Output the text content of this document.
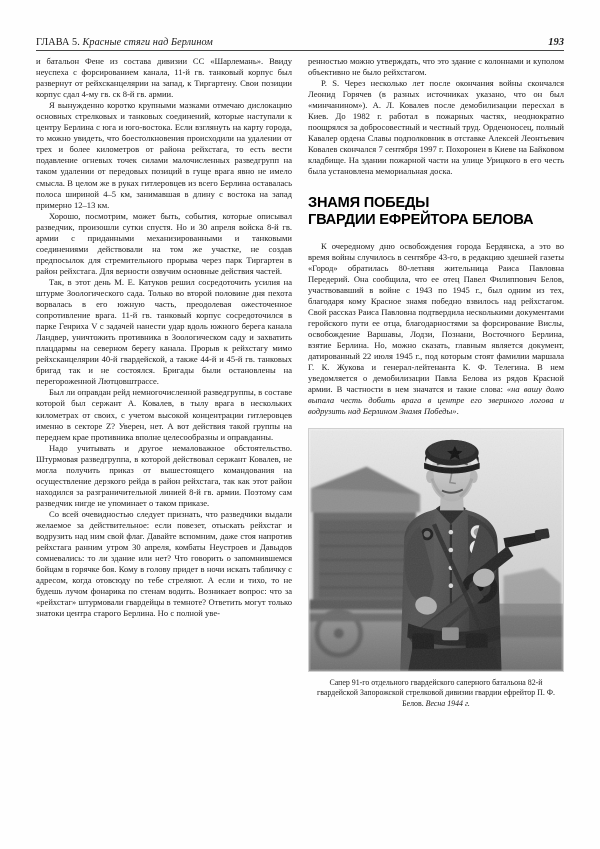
ГЛАВА 5. Красные стяги над Берлином	193

и батальон Фене из состава дивизии СС «Шарлемань». Ввиду неуспеха с форсированием канала, 11-й гв. танковый корпус был развернут от рейхсканцелярии на запад, к Тиргартену. Свои позиции корпус сдал 4-му гв. ск 8-й гв. армии.

Я вынужденно коротко крупными мазками отмечаю дислокацию основных стрелковых и танковых соединений, которые наступали к центру Берлина с юга и юго-востока. Если взглянуть на карту города, то можно увидеть, что боестолкновения происходили на удалении от трех и более километров от района рейхстага, то есть вести подавление огневых точек силами малочисленных разведгрупп на таком удалении от передовых позиций в гуще врага явно не имело смысла. В целом же в руках гитлеровцев из всего Берлина оставалась полоса шириной 4–5 км, занимавшая в длину с востока на запад примерно 12–13 км.

Хорошо, посмотрим, может быть, события, которые описывал разведчик, произошли сутки спустя. Но и 30 апреля войска 8-й гв. армии с приданными механизированными и танковыми соединениями действовали на том же участке, не создав предпосылок для стремительного прорыва через парк Тиргартен в район рейхстага. Для верности озвучим основные действия частей.

Так, в этот день М. Е. Катуков решил сосредоточить усилия на штурме Зоологического сада. Только во второй половине дня пехота ворвалась в его южную часть, преодолевая ожесточенное сопротивление врага. 11-й гв. танковый корпус сосредоточился в парке Генриха V с задачей нанести удар вдоль южного берега канала Ландвер, уничтожить противника в Зоологическом саду и захватить плацдармы на северном берегу канала. Прорыв к рейхстагу мимо рейхсканцелярии 40-й гвардейской, а также 44-й и 45-й гв. танковых бригад так и не состоялся. Бригады были остановлены на перегороженной Лютцовштрассе.

Был ли оправдан рейд немногочисленной разведгруппы, в составе которой был сержант А. Ковалев, в тылу врага в нескольких километрах от своих, с учетом высокой концентрации гитлеровцев именно в секторе Z? Уверен, нет. А вот действия такой группы на переднем крае противника вполне целесообразны и оправданны.

Надо учитывать и другое немаловажное обстоятельство. Штурмовая разведгруппа, в которой действовал сержант Ковалев, не могла получить приказ от вышестоящего командования на осуществление дерзкого рейда в район рейхстага, так как этот район находился за разграничительной линией 8-й гв. армии. Поэтому сам разведчик нигде не упоминает о таком приказе.

Со всей очевидностью следует признать, что разведчики выдали желаемое за действительное: если повезет, отыскать рейхстаг и водрузить над ним свой флаг. Давайте вспомним, даже стоя напротив рейхстага ранним утром 30 апреля, комбаты Неустроев и Давыдов сомневались: то ли здание или нет? Что говорить о запомнившемся бойцам в горячке боя. Кому в голову придет в ночи искать табличку с адресом, когда отовсюду по тебе стреляют. А если и тихо, то не будешь лучом фонарика по стенам водить. Возникает вопрос: что за «рейхстаг» штурмовали гвардейцы в темноте? Ответить могут только знатоки центра старого Берлина. Но с полной уве-

ренностью можно утверждать, что это здание с колоннами и куполом объективно не было рейхстагом.

P. S. Через несколько лет после окончания войны скончался Леонид Горячев (в разных источниках указано, что он был «минчанином»). А. Л. Ковалев после демобилизации пересхал в Киев. До 1982 г. работал в пожарных частях, неоднократно поощрялся за добросовестный и честный труд. Орденоносец, полный Кавалер ордена Славы подполковник в отставке Алексей Леонтьевич Ковалев скончался 7 сентября 1997 г. Похоронен в Киеве на Байковом кладбище. На здании пожарной части на улице Урицкого в его честь была установлена мемориальная доска.

ЗНАМЯ ПОБЕДЫ
ГВАРДИИ ЕФРЕЙТОРА БЕЛОВА

К очередному дню освобождения города Бердянска, а это во время войны случилось в сентябре 43-го, в редакцию здешней газеты «Город» обратилась 80-летняя жительница Раиса Павловна Передерий. Она сообщила, что ее отец Павел Филиппович Белов, участвовавший в войне с 1943 по 1945 г., был одним из тех, благодаря кому Красное знамя победно взвилось над рейхстагом. Свой рассказ Раиса Павловна подтвердила несколькими документами геройского пути ее отца, благодарностями за форсирование Вислы, освобождение Варшавы, Лодзи, Познани, Восточного Берлина, взятие Берлина. Но, можно сказать, главным является документ, датированный 22 июля 1945 г., под которым стоят фамилии маршала Г. К. Жукова и генерал-лейтенанта К. Ф. Телегина. В нем уведомляется о демобилизации Павла Белова из рядов Красной армии. В частности в нем значатся и такие слова: «на вашу долю выпала честь добить врага в центре его звериного логова и водрузить над Берлином Знамя Победы».

Сапер 91-го отдельного гвардейского саперного батальона 82-й гвардейской Запорожской стрелковой дивизии гвардии ефрейтор П. Ф. Белов. Весна 1944 г.
